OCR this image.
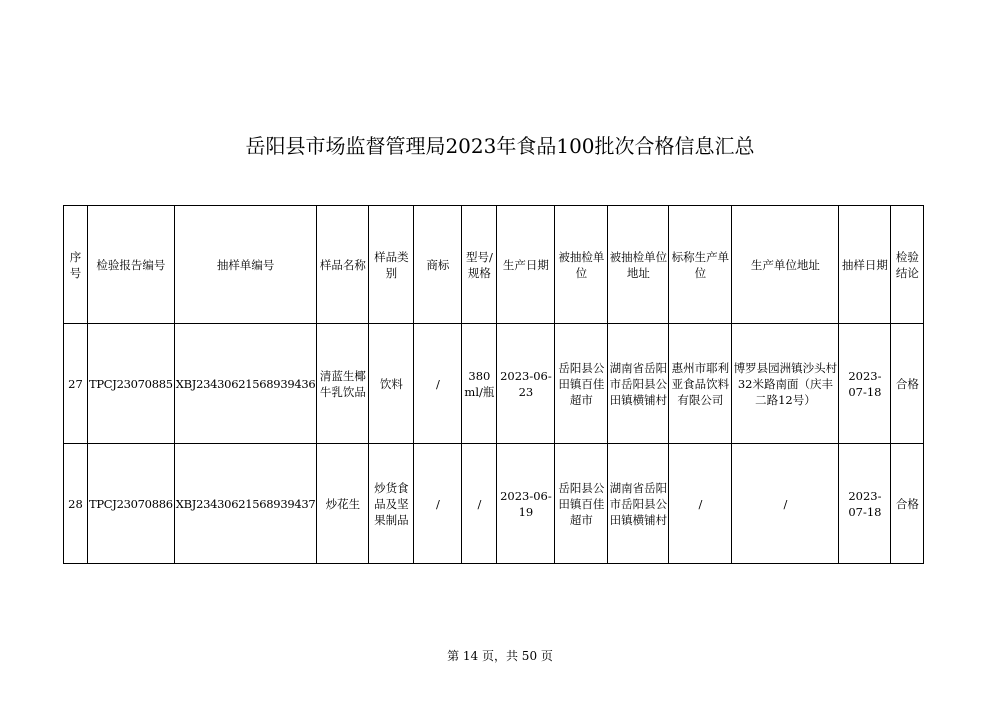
岳阳县市场监督管理局2023年食品100批次合格信息汇总
序号	检验报告编号	抽样单编号	样品名称	样品类别	商标	型号/规格	生产日期	被抽检单位	被抽检单位地址	标称生产单位	生产单位地址	抽样日期	检验结论
27	TPCJ23070885	XBJ23430621568939436	清蓝生椰牛乳饮品	饮料	/	380ml/瓶	2023-06-23	岳阳县公田镇百佳超市	湖南省岳阳市岳阳县公田镇横铺村	惠州市耶利亚食品饮料有限公司	博罗县园洲镇沙头村32米路南面（庆丰二路12号）	2023-07-18	合格
28	TPCJ23070886	XBJ23430621568939437	炒花生	炒货食品及坚果制品	/	/	2023-06-19	岳阳县公田镇百佳超市	湖南省岳阳市岳阳县公田镇横铺村	/	/	2023-07-18	合格
第 14 页，共 50 页
